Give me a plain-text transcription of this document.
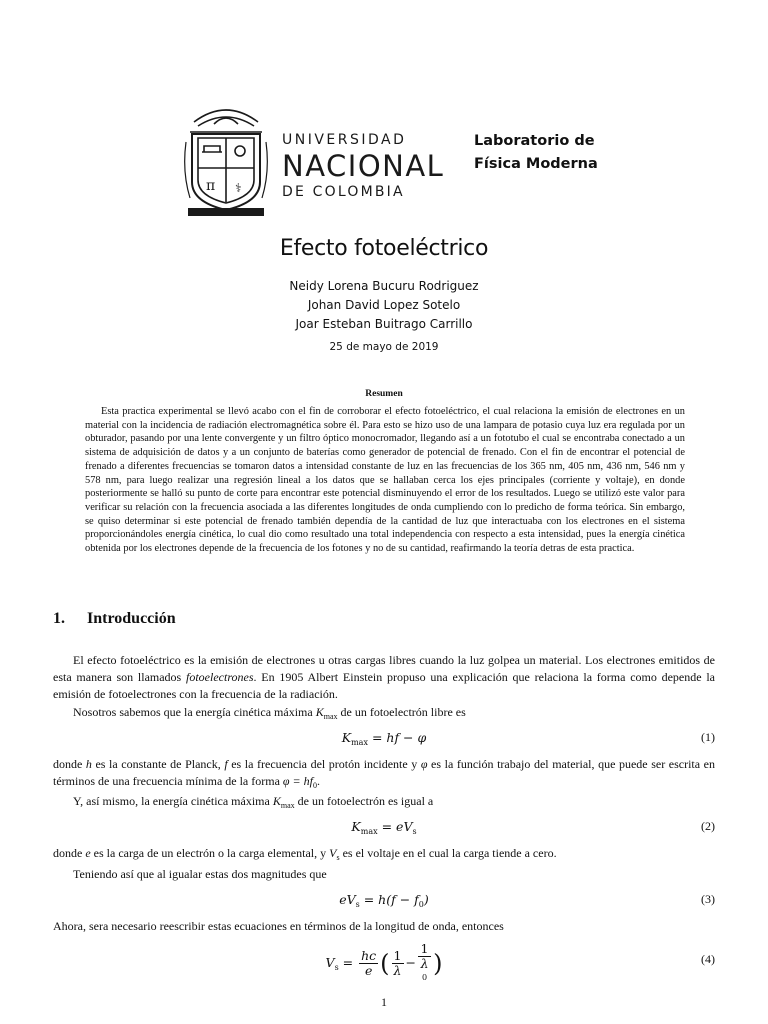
π ⚕
UNIVERSIDAD
NACIONAL
DE COLOMBIA
Laboratorio de
Física Moderna
Efecto fotoeléctrico
Neidy Lorena Bucuru Rodriguez
Johan David Lopez Sotelo
Joar Esteban Buitrago Carrillo
25 de mayo de 2019
Resumen

Esta practica experimental se llevó acabo con el fin de corroborar el efecto fotoeléctrico, el cual relaciona la emisión de electrones en un material con la incidencia de radiación electromagnética sobre él. Para esto se hizo uso de una lampara de potasio cuya luz era regulada por un obturador, pasando por una lente convergente y un filtro óptico monocromador, llegando así a un fototubo el cual se encontraba conectado a un sistema de adquisición de datos y a un conjunto de baterías como generador de potencial de frenado. Con el fin de encontrar el potencial de frenado a diferentes frecuencias se tomaron datos a intensidad constante de luz en las frecuencias de los 365 nm, 405 nm, 436 nm, 546 nm y 578 nm, para luego realizar una regresión lineal a los datos que se hallaban cerca los ejes principales (corriente y voltaje), en donde posteriormente se halló su punto de corte para encontrar este potencial disminuyendo el error de los resultados. Luego se utilizó este valor para verificar su relación con la frecuencia asociada a las diferentes longitudes de onda cumpliendo con lo predicho de forma teórica. Sin embargo, se quiso determinar si este potencial de frenado también dependía de la cantidad de luz que interactuaba con los electrones en el sistema proporcionándoles energía cinética, lo cual dio como resultado una total independencia con respecto a esta intensidad, pues la energía cinética obtenida por los electrones depende de la frecuencia de los fotones y no de su cantidad, reafirmando la teoría detras de esta practica.

1. Introducción

El efecto fotoeléctrico es la emisión de electrones u otras cargas libres cuando la luz golpea un material. Los electrones emitidos de esta manera son llamados fotoelectrones. En 1905 Albert Einstein propuso una explicación que relaciona la forma como depende la emisión de fotoelectrones con la frecuencia de la radiación.

Nosotros sabemos que la energía cinética máxima $K_{max}$ de un fotoelectrón libre es

$K_{max}$ = hf − φ	(1)

donde h es la constante de Planck, f es la frecuencia del protón incidente y φ es la función trabajo del material, que puede ser escrita en términos de una frecuencia mínima de la forma $\varphi = hf_0$.

Y, así mismo, la energía cinética máxima $K_{max}$ de un fotoelectrón es igual a

$K_{max} = eV_s$	(2)

donde e es la carga de un electrón o la carga elemental, y $V_s$ es el voltaje en el cual la carga tiende a cero.

Teniendo así que al igualar estas dos magnitudes que

$eV_s = h(f - f_0)$	(3)

Ahora, sera necesario reescribir estas ecuaciones en términos de la longitud de onda, entonces

$V_s = \frac{hc}{e}$ ( $\frac{1}{\lambda} - 1$
λ
0 )	(4)
1
